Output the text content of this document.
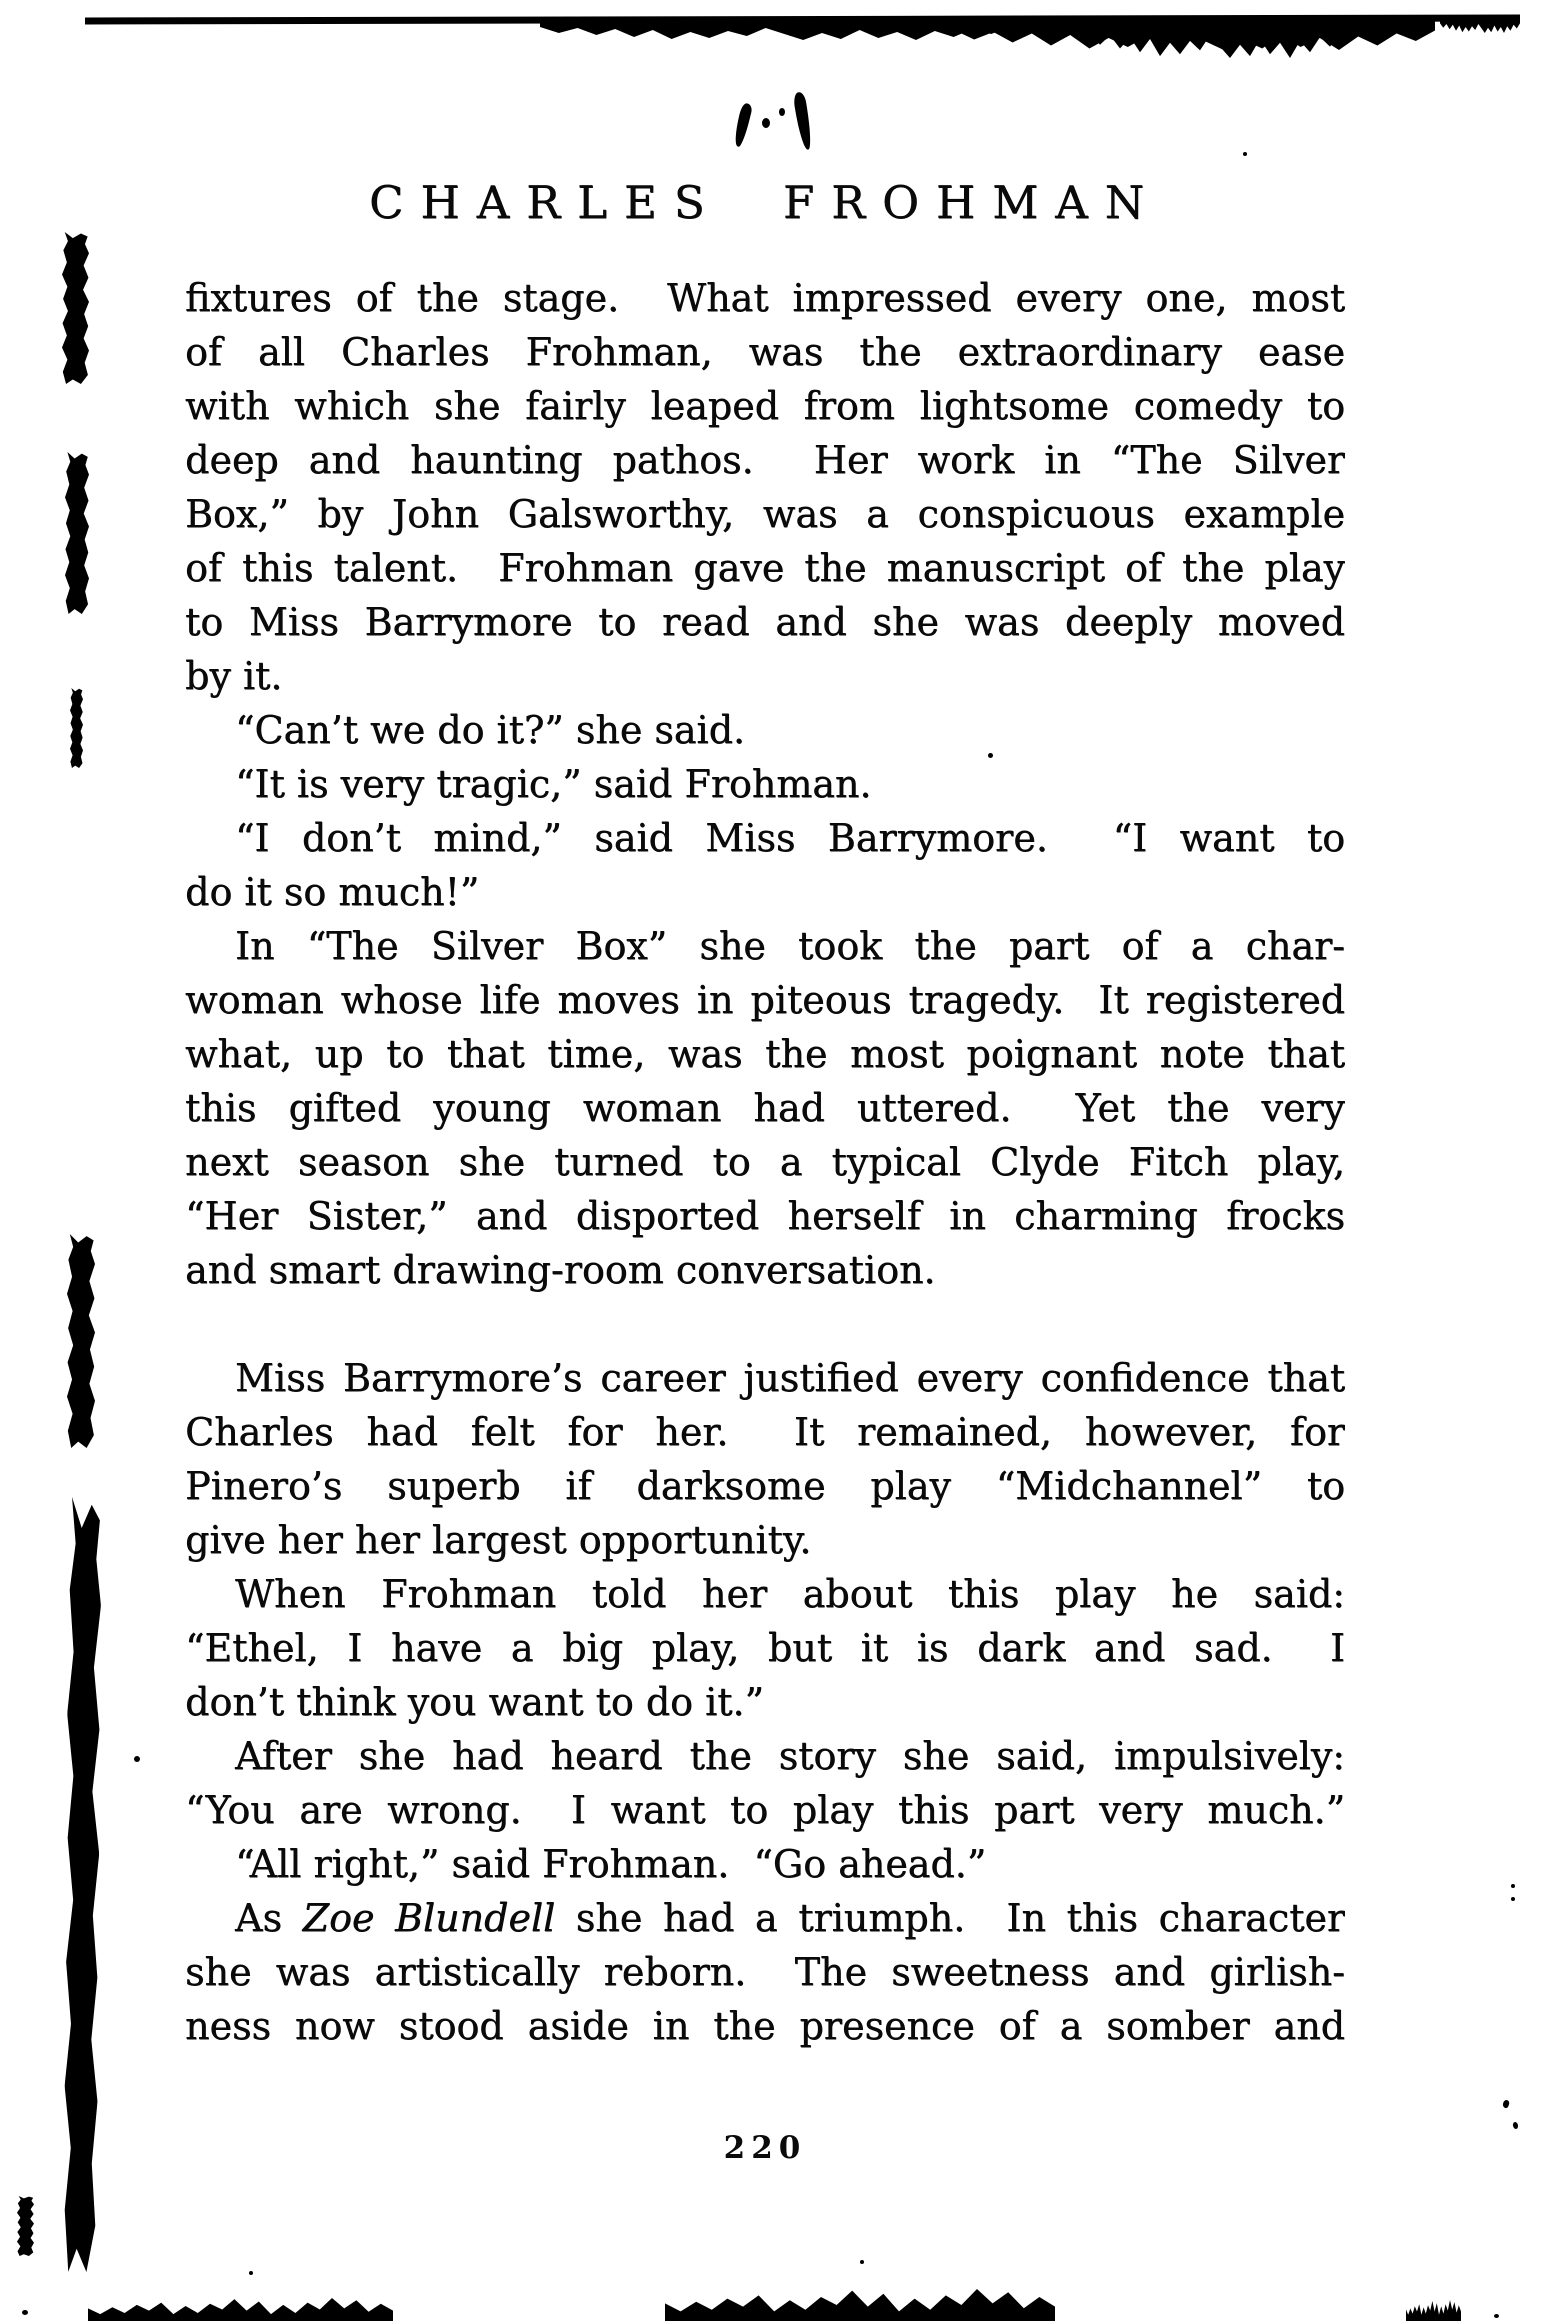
CHARLES FROHMAN
fixtures of the stage.  What impressed every one, most
of all Charles Frohman, was the extraordinary ease
with which she fairly leaped from lightsome comedy to
deep and haunting pathos.  Her work in “The Silver
Box,” by John Galsworthy, was a conspicuous example
of this talent.  Frohman gave the manuscript of the play
to Miss Barrymore to read and she was deeply moved
by it.
“Can’t we do it?” she said.
“It is very tragic,” said Frohman.
“I don’t mind,” said Miss Barrymore.  “I want to
do it so much!”
In “The Silver Box” she took the part of a char-
woman whose life moves in piteous tragedy.  It registered
what, up to that time, was the most poignant note that
this gifted young woman had uttered.  Yet the very
next season she turned to a typical Clyde Fitch play,
“Her Sister,” and disported herself in charming frocks
and smart drawing-room conversation.
Miss Barrymore’s career justified every confidence that
Charles had felt for her.  It remained, however, for
Pinero’s superb if darksome play “Midchannel” to
give her her largest opportunity.
When Frohman told her about this play he said:
“Ethel, I have a big play, but it is dark and sad.  I
don’t think you want to do it.”
After she had heard the story she said, impulsively:
“You are wrong.  I want to play this part very much.”
“All right,” said Frohman.  “Go ahead.”
As Zoe Blundell she had a triumph.  In this character
she was artistically reborn.  The sweetness and girlish-
ness now stood aside in the presence of a somber and
220
